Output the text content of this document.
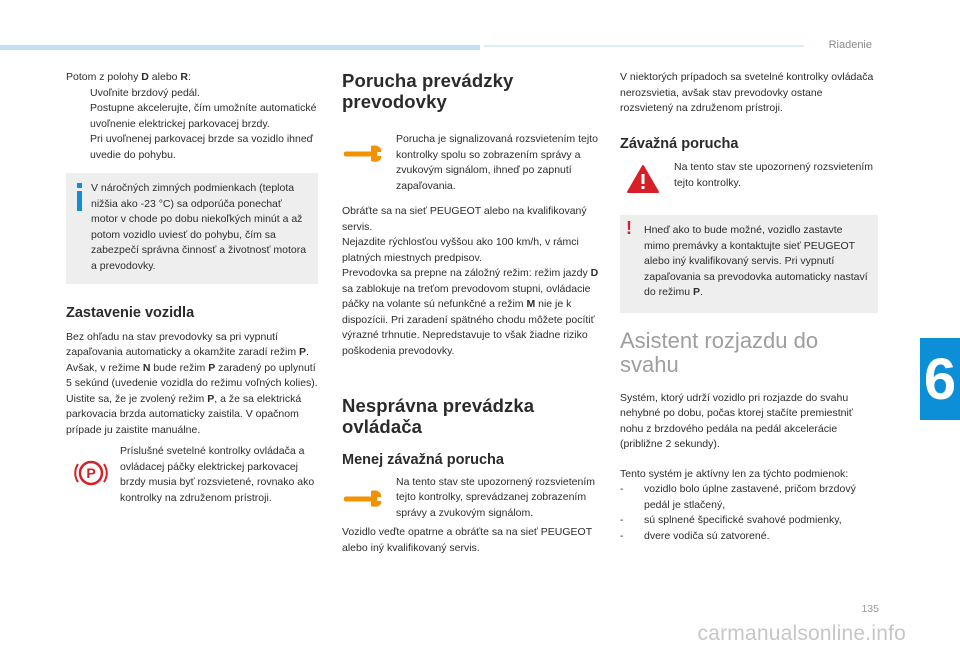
Riadenie
6
135
carmanualsonline.info

Potom z polohy D alebo R:

Uvoľnite brzdový pedál.
Postupne akcelerujte, čím umožníte automatické uvoľnenie elektrickej parkovacej brzdy.
Pri uvoľnenej parkovacej brzde sa vozidlo ihneď uvedie do pohybu.
V náročných zimných podmienkach (teplota nižšia ako -23 °C) sa odporúča ponechať motor v chode po dobu niekoľkých minút a až potom vozidlo uviesť do pohybu, čím sa zabezpečí správna činnosť a životnosť motora a prevodovky.
Zastavenie vozidla

Bez ohľadu na stav prevodovky sa pri vypnutí zapaľovania automaticky a okamžite zaradí režim P.
Avšak, v režime N bude režim P zaradený po uplynutí 5 sekúnd (uvedenie vozidla do režimu voľných kolies).
Uistite sa, že je zvolený režim P, a že sa elektrická parkovacia brzda automaticky zaistila. V opačnom prípade ju zaistite manuálne.

P
Príslušné svetelné kontrolky ovládača a ovládacej páčky elektrickej parkovacej brzdy musia byť rozsvietené, rovnako ako kontrolky na združenom prístroji.
Porucha prevádzky prevodovky
Porucha je signalizovaná rozsvietením tejto kontrolky spolu so zobrazením správy a zvukovým signálom, ihneď po zapnutí zapaľovania.

Obráťte sa na sieť PEUGEOT alebo na kvalifikovaný servis.
Nejazdite rýchlosťou vyššou ako 100 km/h, v rámci platných miestnych predpisov.
Prevodovka sa prepne na záložný režim: režim jazdy D sa zablokuje na treťom prevodovom stupni, ovládacie páčky na volante sú nefunkčné a režim M nie je k dispozícii. Pri zaradení spätného chodu môžete pocítiť výrazné trhnutie. Nepredstavuje to však žiadne riziko poškodenia prevodovky.

Nesprávna prevádzka ovládača
Menej závažná porucha
Na tento stav ste upozornený rozsvietením tejto kontrolky, sprevádzanej zobrazením správy a zvukovým signálom.

Vozidlo veďte opatrne a obráťte sa na sieť PEUGEOT alebo iný kvalifikovaný servis.

V niektorých prípadoch sa svetelné kontrolky ovládača nerozsvietia, avšak stav prevodovky ostane rozsvietený na združenom prístroji.

Závažná porucha
Na tento stav ste upozornený rozsvietením tejto kontrolky.
! Hneď ako to bude možné, vozidlo zastavte mimo premávky a kontaktujte sieť PEUGEOT alebo iný kvalifikovaný servis. Pri vypnutí zapaľovania sa prevodovka automaticky nastaví do režimu P.
Asistent rozjazdu do svahu

Systém, ktorý udrží vozidlo pri rozjazde do svahu nehybné po dobu, počas ktorej stačíte premiestniť nohu z brzdového pedála na pedál akcelerácie (približne 2 sekundy).

Tento systém je aktívny len za týchto podmienok:

-	vozidlo bolo úplne zastavené, pričom brzdový pedál je stlačený,
-	sú splnené špecifické svahové podmienky,
-	dvere vodiča sú zatvorené.
